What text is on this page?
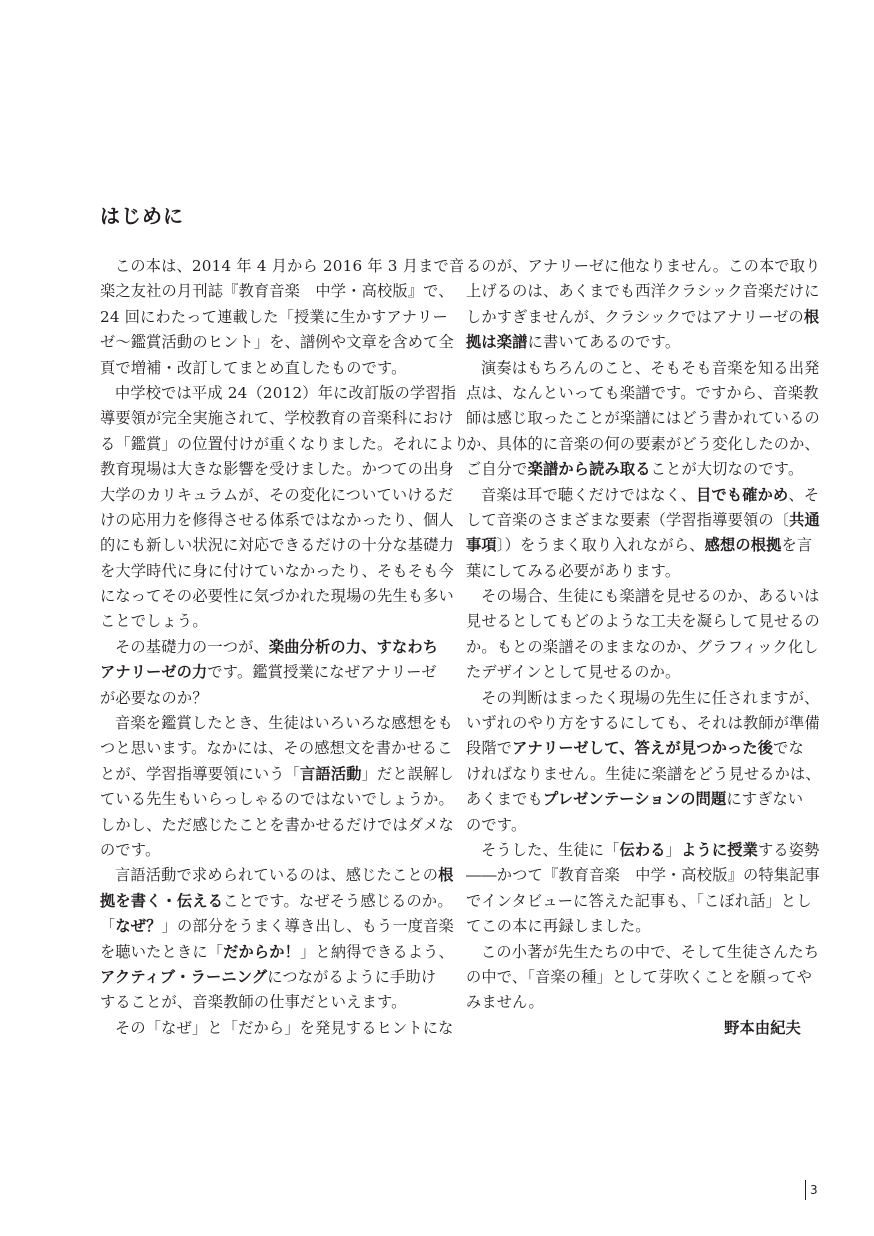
はじめに
この本は、2014 年 4 月から 2016 年 3 月まで音
楽之友社の月刊誌『教育音楽　中学・高校版』で、
24 回にわたって連載した「授業に生かすアナリー
ゼ～鑑賞活動のヒント」を、譜例や文章を含めて全
頁で増補・改訂してまとめ直したものです。
中学校では平成 24（2012）年に改訂版の学習指
導要領が完全実施されて、学校教育の音楽科におけ
る「鑑賞」の位置付けが重くなりました。それにより、
教育現場は大きな影響を受けました。かつての出身
大学のカリキュラムが、その変化についていけるだ
けの応用力を修得させる体系ではなかったり、個人
的にも新しい状況に対応できるだけの十分な基礎力
を大学時代に身に付けていなかったり、そもそも今
になってその必要性に気づかれた現場の先生も多い
ことでしょう。
その基礎力の一つが、楽曲分析の力、すなわち
アナリーゼの力です。鑑賞授業になぜアナリーゼ
が必要なのか？
音楽を鑑賞したとき、生徒はいろいろな感想をも
つと思います。なかには、その感想文を書かせるこ
とが、学習指導要領にいう「言語活動」だと誤解し
ている先生もいらっしゃるのではないでしょうか。
しかし、ただ感じたことを書かせるだけではダメな
のです。
言語活動で求められているのは、感じたことの根
拠を書く・伝えることです。なぜそう感じるのか。
「なぜ？」の部分をうまく導き出し、もう一度音楽
を聴いたときに「だからか！」と納得できるよう、
アクティブ・ラーニングにつながるように手助け
することが、音楽教師の仕事だといえます。
その「なぜ」と「だから」を発見するヒントにな
るのが、アナリーゼに他なりません。この本で取り
上げるのは、あくまでも西洋クラシック音楽だけに
しかすぎませんが、クラシックではアナリーゼの根
拠は楽譜に書いてあるのです。
演奏はもちろんのこと、そもそも音楽を知る出発
点は、なんといっても楽譜です。ですから、音楽教
師は感じ取ったことが楽譜にはどう書かれているの
か、具体的に音楽の何の要素がどう変化したのか、
ご自分で楽譜から読み取ることが大切なのです。
音楽は耳で聴くだけではなく、目でも確かめ、そ
して音楽のさまざまな要素（学習指導要領の〔共通
事項〕）をうまく取り入れながら、感想の根拠を言
葉にしてみる必要があります。
その場合、生徒にも楽譜を見せるのか、あるいは
見せるとしてもどのような工夫を凝らして見せるの
か。もとの楽譜そのままなのか、グラフィック化し
たデザインとして見せるのか。
その判断はまったく現場の先生に任されますが、
いずれのやり方をするにしても、それは教師が準備
段階でアナリーゼして、答えが見つかった後でな
ければなりません。生徒に楽譜をどう見せるかは、
あくまでもプレゼンテーションの問題にすぎない
のです。
そうした、生徒に「伝わる」ように授業する姿勢
――かつて『教育音楽　中学・高校版』の特集記事
でインタビューに答えた記事も、「こぼれ話」とし
てこの本に再録しました。
この小著が先生たちの中で、そして生徒さんたち
の中で、「音楽の種」として芽吹くことを願ってや
みません。
野本由紀夫
3
